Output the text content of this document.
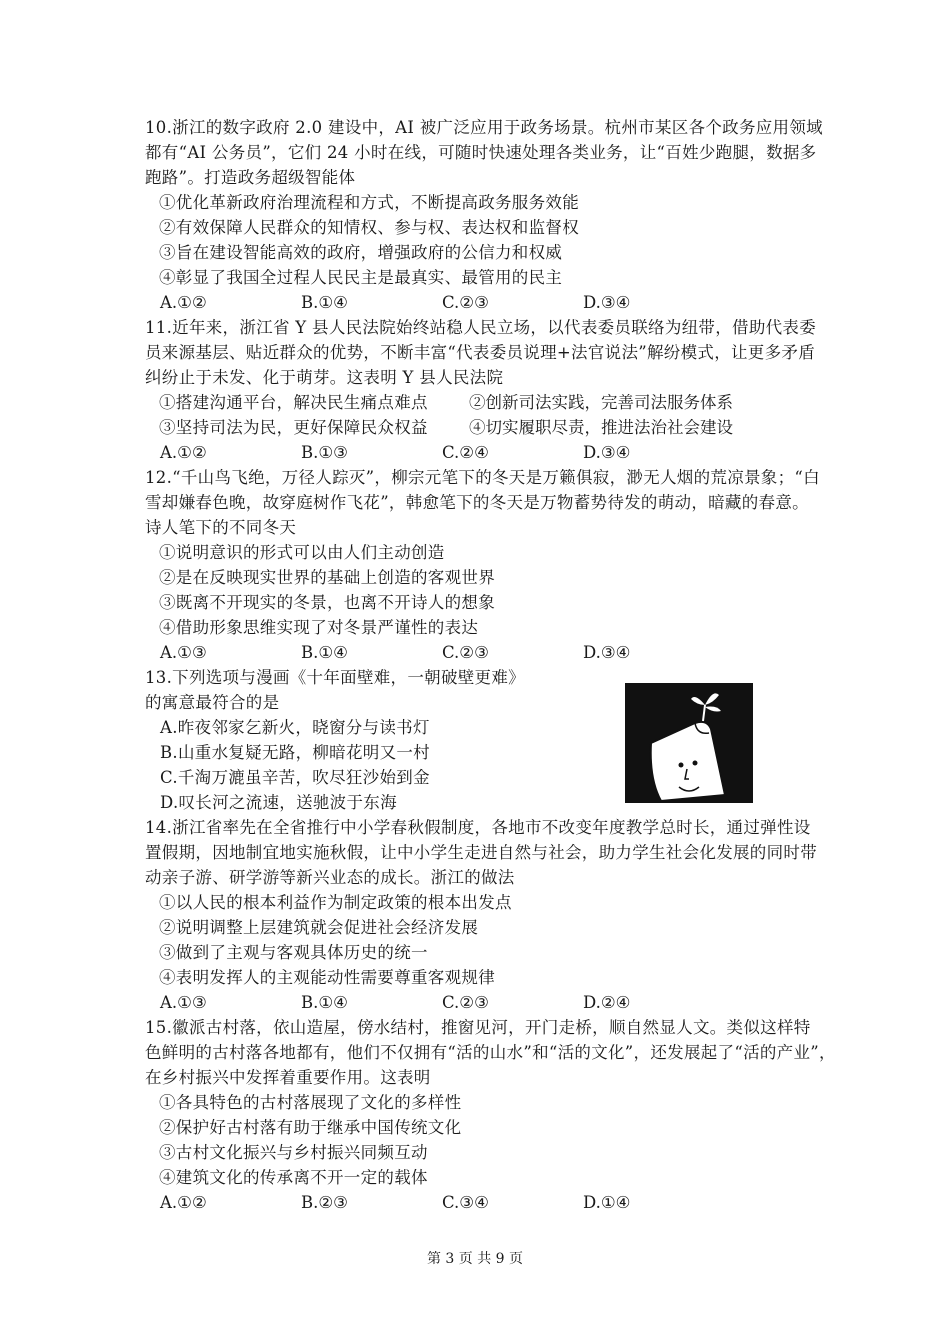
10.浙江的数字政府 2.0 建设中，AI 被广泛应用于政务场景。杭州市某区各个政务应用领域
都有“AI 公务员”，它们 24 小时在线，可随时快速处理各类业务，让“百姓少跑腿，数据多
跑路”。打造政务超级智能体
①优化革新政府治理流程和方式，不断提高政务服务效能
②有效保障人民群众的知情权、参与权、表达权和监督权
③旨在建设智能高效的政府，增强政府的公信力和权威
④彰显了我国全过程人民民主是最真实、最管用的民主
A.①②	B.①④	C.②③	D.③④
11.近年来，浙江省 Y 县人民法院始终站稳人民立场，以代表委员联络为纽带，借助代表委
员来源基层、贴近群众的优势，不断丰富“代表委员说理+法官说法”解纷模式，让更多矛盾
纠纷止于未发、化于萌芽。这表明 Y 县人民法院
①搭建沟通平台，解决民生痛点难点 ②创新司法实践，完善司法服务体系
③坚持司法为民，更好保障民众权益 ④切实履职尽责，推进法治社会建设
A.①②	B.①③	C.②④	D.③④
12.“千山鸟飞绝，万径人踪灭”，柳宗元笔下的冬天是万籁俱寂，渺无人烟的荒凉景象；“白
雪却嫌春色晚，故穿庭树作飞花”，韩愈笔下的冬天是万物蓄势待发的萌动，暗藏的春意。
诗人笔下的不同冬天
①说明意识的形式可以由人们主动创造
②是在反映现实世界的基础上创造的客观世界
③既离不开现实的冬景，也离不开诗人的想象
④借助形象思维实现了对冬景严谨性的表达
A.①③	B.①④	C.②③	D.③④
13.下列选项与漫画《十年面壁难，一朝破壁更难》
的寓意最符合的是
A.昨夜邻家乞新火，晓窗分与读书灯
B.山重水复疑无路，柳暗花明又一村
C.千淘万漉虽辛苦，吹尽狂沙始到金
D.叹长河之流速，送驰波于东海
14.浙江省率先在全省推行中小学春秋假制度，各地市不改变年度教学总时长，通过弹性设
置假期，因地制宜地实施秋假，让中小学生走进自然与社会，助力学生社会化发展的同时带
动亲子游、研学游等新兴业态的成长。浙江的做法
①以人民的根本利益作为制定政策的根本出发点
②说明调整上层建筑就会促进社会经济发展
③做到了主观与客观具体历史的统一
④表明发挥人的主观能动性需要尊重客观规律
A.①③	B.①④	C.②③	D.②④
15.徽派古村落，依山造屋，傍水结村，推窗见河，开门走桥，顺自然显人文。类似这样特
色鲜明的古村落各地都有，他们不仅拥有“活的山水”和“活的文化”，还发展起了“活的产业”，
在乡村振兴中发挥着重要作用。这表明
①各具特色的古村落展现了文化的多样性
②保护好古村落有助于继承中国传统文化
③古村文化振兴与乡村振兴同频互动
④建筑文化的传承离不开一定的载体
A.①②	B.②③	C.③④	D.①④
第 3 页 共 9 页
